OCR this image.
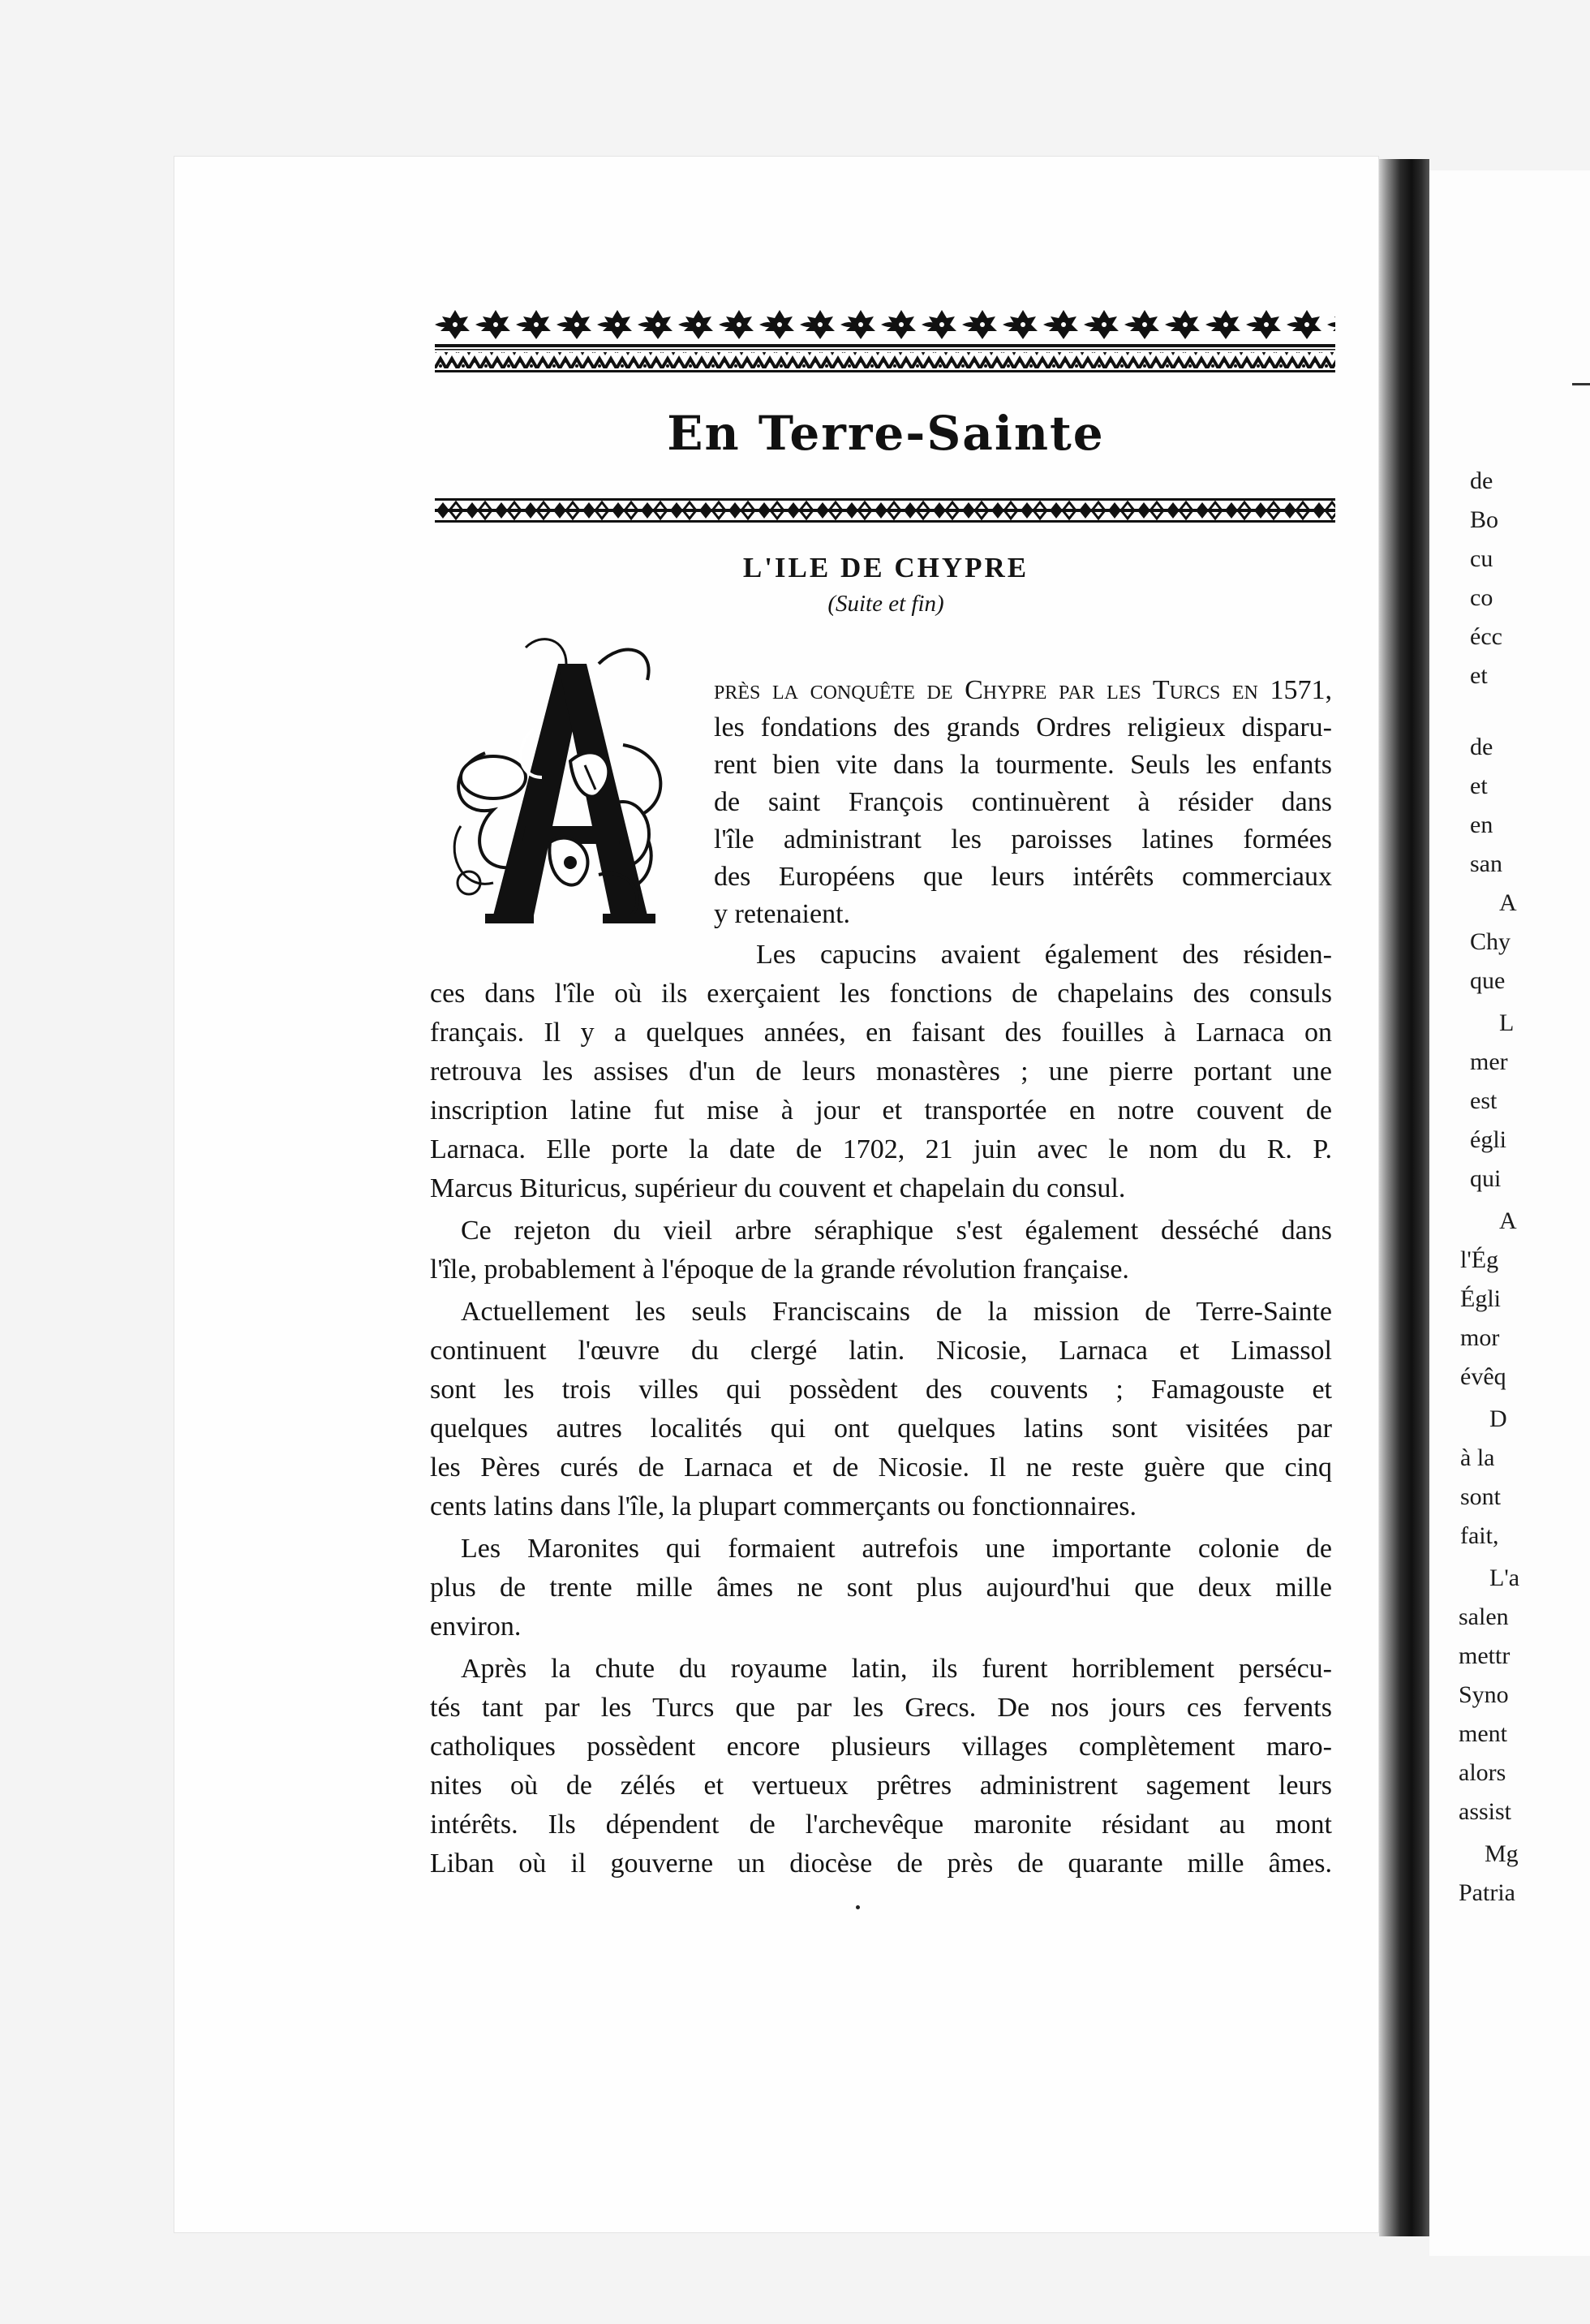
En Terre-Sainte
L'ILE DE CHYPRE
(Suite et fin)
A
près la conquête de Chypre par les Turcs en 1571,
les fondations des grands Ordres religieux disparu-
rent bien vite dans la tourmente. Seuls les enfants
de saint François continuèrent à résider dans
l'île administrant les paroisses latines formées
des Européens que leurs intérêts commerciaux
y retenaient.
Les capucins avaient également des résiden-
ces dans l'île où ils exerçaient les fonctions de chapelains des consuls
français. Il y a quelques années, en faisant des fouilles à Larnaca on
retrouva les assises d'un de leurs monastères ; une pierre portant une
inscription latine fut mise à jour et transportée en notre couvent de
Larnaca. Elle porte la date de 1702, 21 juin avec le nom du R. P.
Marcus Bituricus, supérieur du couvent et chapelain du consul.
Ce rejeton du vieil arbre séraphique s'est également desséché dans
l'île, probablement à l'époque de la grande révolution française.
Actuellement les seuls Franciscains de la mission de Terre-Sainte
continuent l'œuvre du clergé latin. Nicosie, Larnaca et Limassol
sont les trois villes qui possèdent des couvents ; Famagouste et
quelques autres localités qui ont quelques latins sont visitées par
les Pères curés de Larnaca et de Nicosie. Il ne reste guère que cinq
cents latins dans l'île, la plupart commerçants ou fonctionnaires.
Les Maronites qui formaient autrefois une importante colonie de
plus de trente mille âmes ne sont plus aujourd'hui que deux mille
environ.
Après la chute du royaume latin, ils furent horriblement persécu-
tés tant par les Turcs que par les Grecs. De nos jours ces fervents
catholiques possèdent encore plusieurs villages complètement maro-
nites où de zélés et vertueux prêtres administrent sagement leurs
intérêts. Ils dépendent de l'archevêque maronite résidant au mont
Liban où il gouverne un diocèse de près de quarante mille âmes.
de
Bo
cu
co
écc
et
de
et
en
san
A
Chy
que
L
mer
est
égli
qui
A
l'Ég
Égli
mor
évêq
D
à la
sont
fait,
L'a
salen
mettr
Syno
ment
alors
assist
Mg
Patria
